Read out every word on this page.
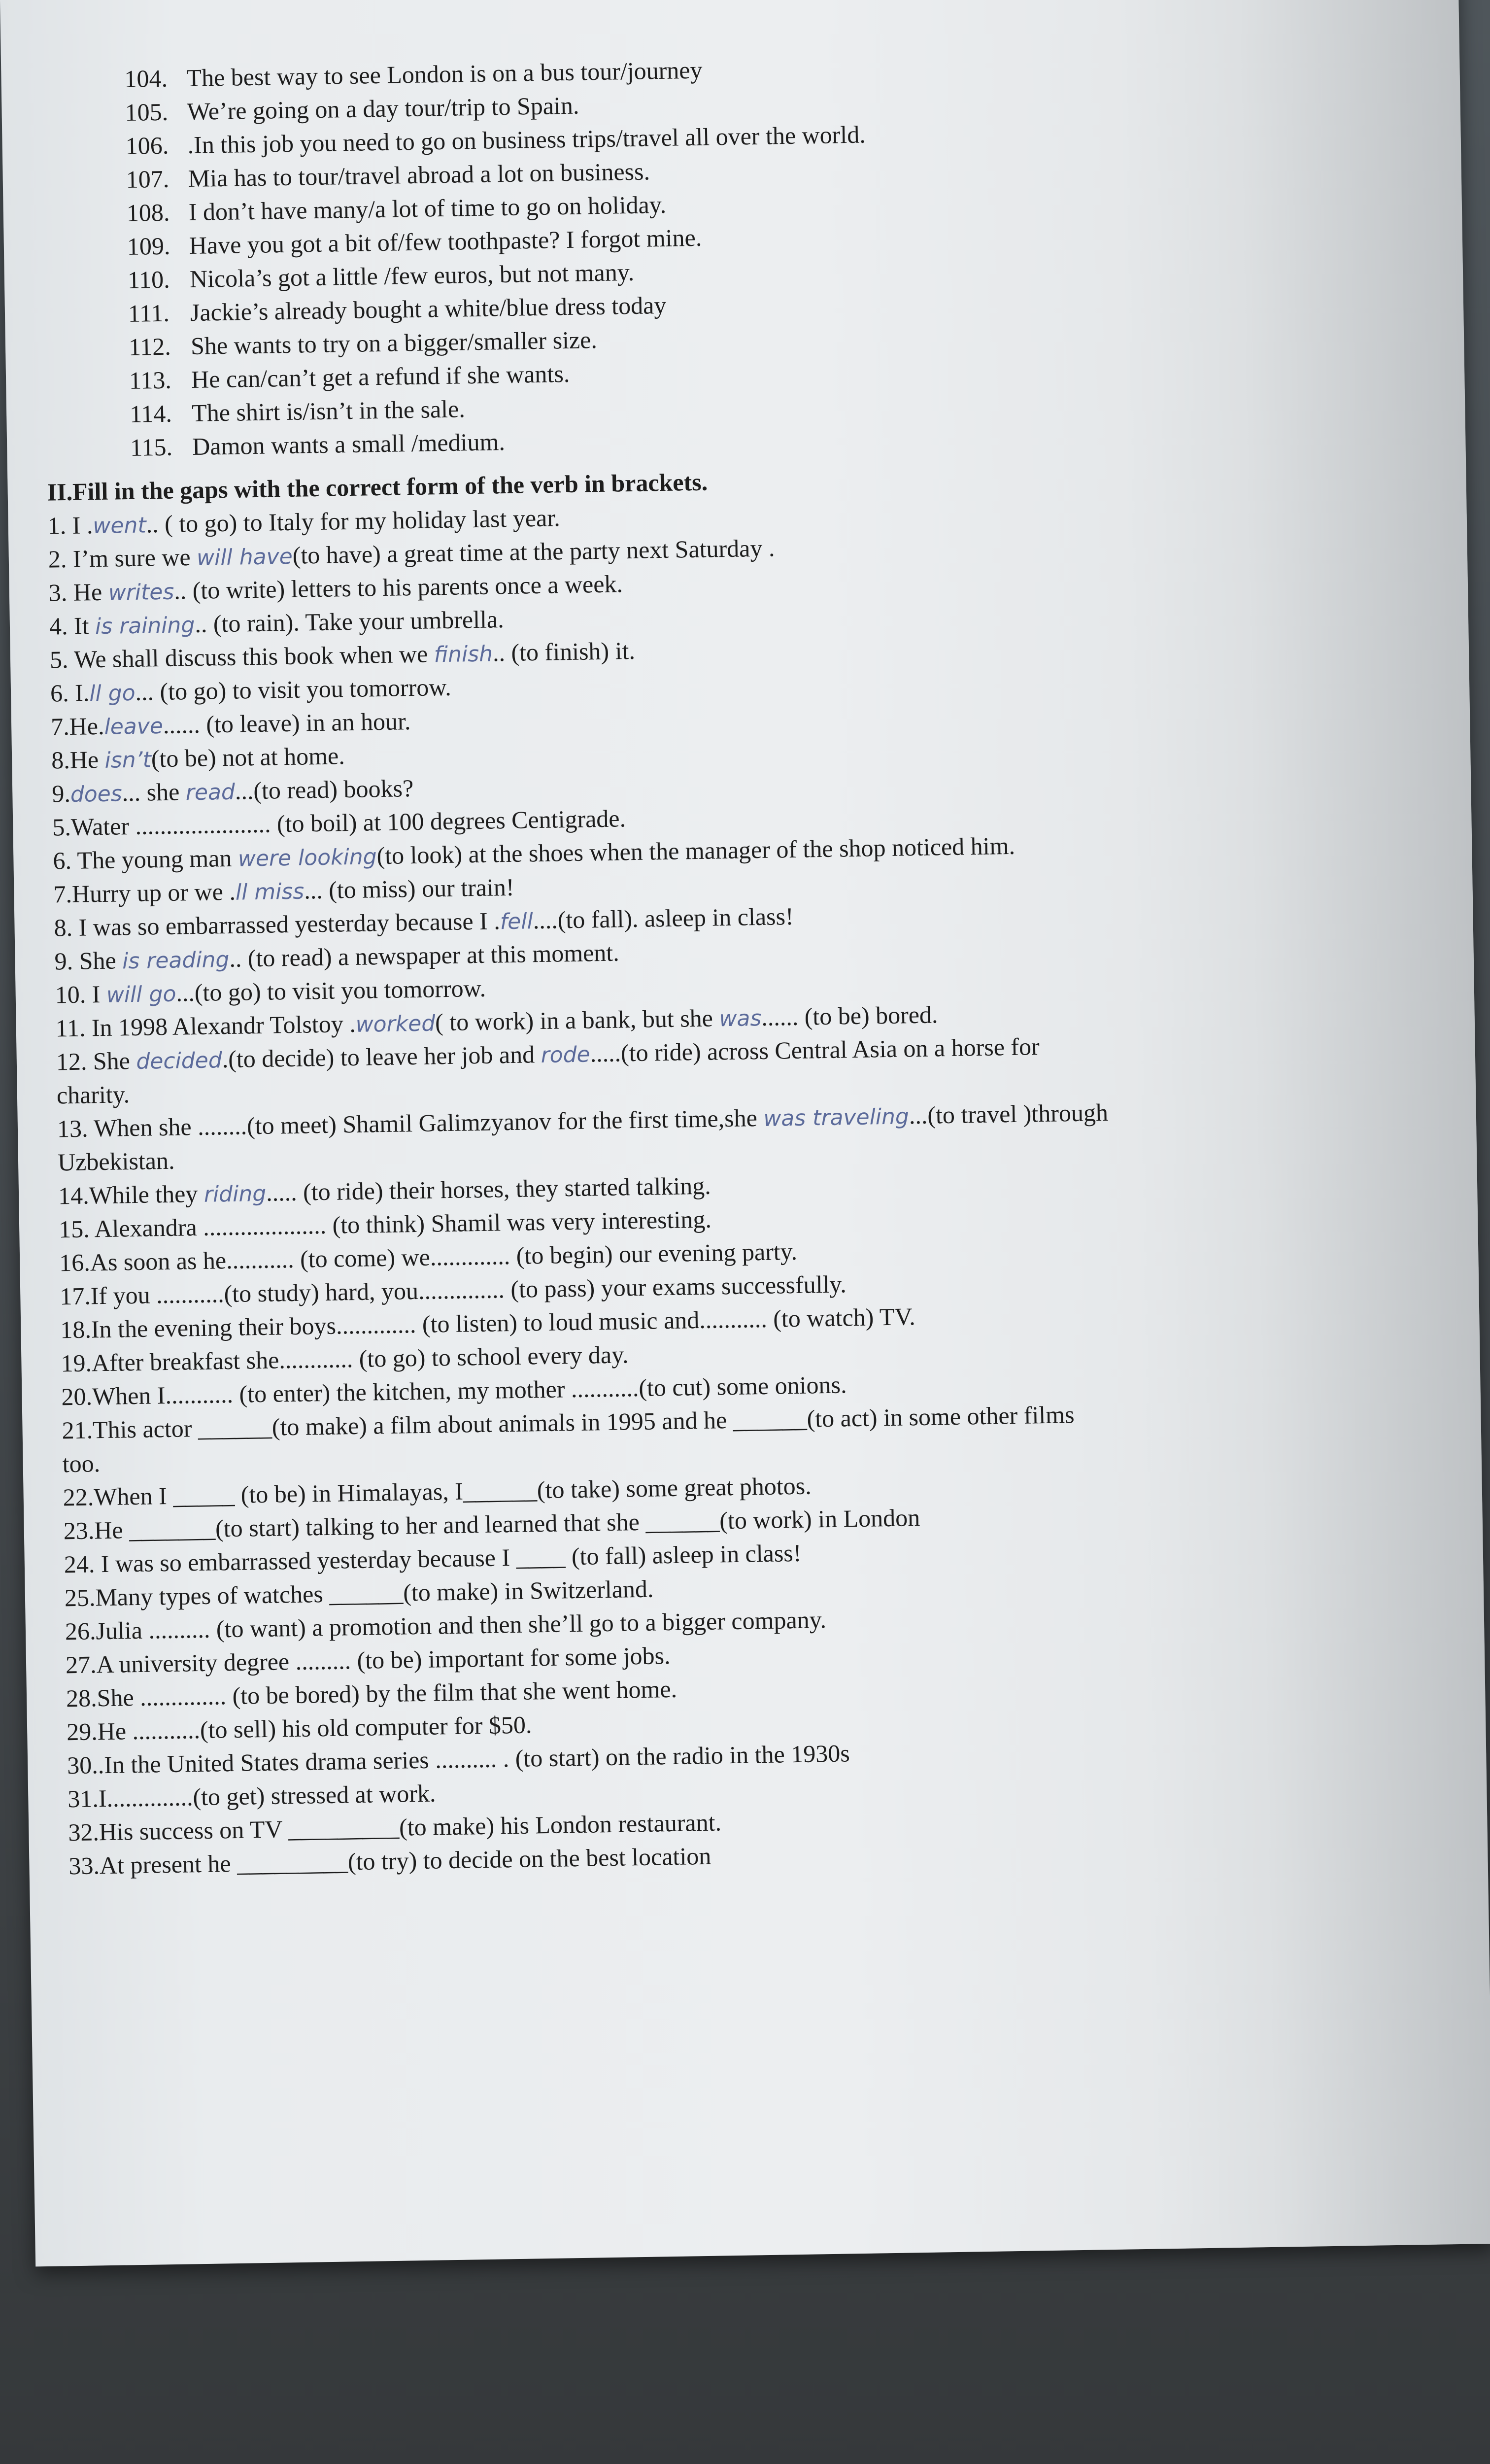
104. The best way to see London is on a bus tour/journey
105. We’re going on a day tour/trip to Spain.
106. .In this job you need to go on business trips/travel all over the world.
107. Mia has to tour/travel abroad a lot on business.
108. I don’t have many/a lot of time to go on holiday.
109. Have you got a bit of/few toothpaste? I forgot mine.
110. Nicola’s got a little /few euros, but not many.
111. Jackie’s already bought a white/blue dress today
112. She wants to try on a bigger/smaller size.
113. He can/can’t get a refund if she wants.
114. The shirt is/isn’t in the sale.
115. Damon wants a small /medium.
II.Fill in the gaps with the correct form of the verb in brackets.
1. I .went.. ( to go) to Italy for my holiday last year.
2. I’m sure we will have(to have) a great time at the party next Saturday .
3. He writes.. (to write) letters to his parents once a week.
4. It is raining.. (to rain). Take your umbrella.
5. We shall discuss this book when we finish.. (to finish) it.
6. I.ll go... (to go) to visit you tomorrow.
7.He.leave...... (to leave) in an hour.
8.He isn’t(to be) not at home.
9.does... she read...(to read) books?
5.Water ...................... (to boil) at 100 degrees Centigrade.
6. The young man were looking(to look) at the shoes when the manager of the shop noticed him.
7.Hurry up or we .ll miss... (to miss) our train!
8. I was so embarrassed yesterday because I .fell....(to fall). asleep in class!
9. She is reading.. (to read) a newspaper at this moment.
10. I will go...(to go) to visit you tomorrow.
11. In 1998 Alexandr Tolstoy .worked( to work) in a bank, but she was...... (to be) bored.
12. She decided.(to decide) to leave her job and rode.....(to ride) across Central Asia on a horse for
charity.
13. When she ........(to meet) Shamil Galimzyanov for the first time,she was traveling...(to travel )through
Uzbekistan.
14.While they riding..... (to ride) their horses, they started talking.
15. Alexandra .................... (to think) Shamil was very interesting.
16.As soon as he........... (to come) we............. (to begin) our evening party.
17.If you ...........(to study) hard, you.............. (to pass) your exams successfully.
18.In the evening their boys............. (to listen) to loud music and........... (to watch) TV.
19.After breakfast she............ (to go) to school every day.
20.When I........... (to enter) the kitchen, my mother ...........(to cut) some onions.
21.This actor ______(to make) a film about animals in 1995 and he ______(to act) in some other films
too.
22.When I _____ (to be) in Himalayas, I______(to take) some great photos.
23.He _______(to start) talking to her and learned that she ______(to work) in London
24. I was so embarrassed yesterday because I ____ (to fall) asleep in class!
25.Many types of watches ______(to make) in Switzerland.
26.Julia .......... (to want) a promotion and then she’ll go to a bigger company.
27.A university degree ......... (to be) important for some jobs.
28.She .............. (to be bored) by the film that she went home.
29.He ...........(to sell) his old computer for $50.
30..In the United States drama series .......... . (to start) on the radio in the 1930s
31.I..............(to get) stressed at work.
32.His success on TV _________(to make) his London restaurant.
33.At present he _________(to try) to decide on the best location
